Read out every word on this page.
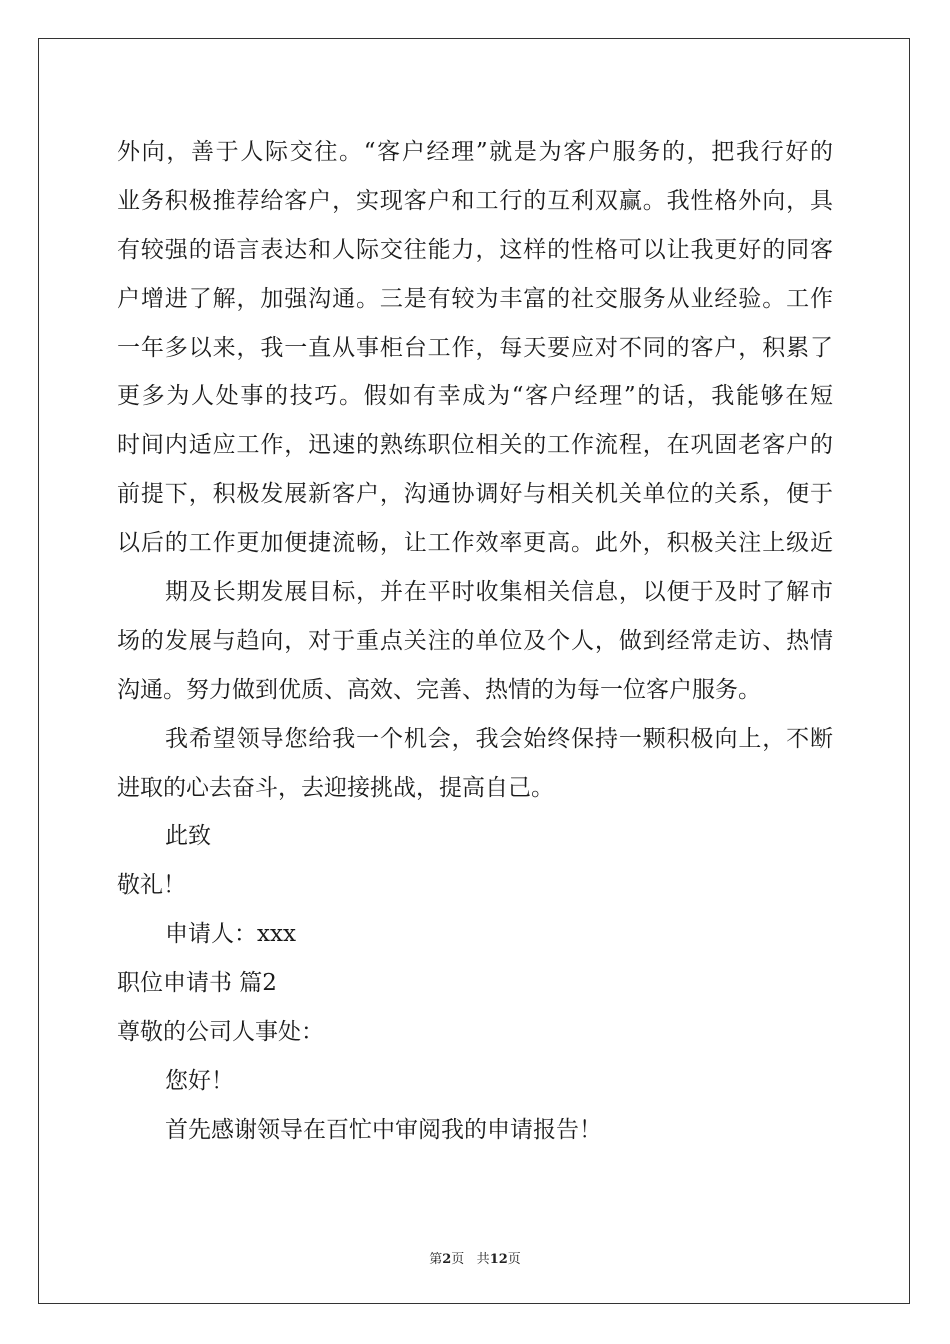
外向，善于人际交往。“客户经理”就是为客户服务的，把我行好的
业务积极推荐给客户，实现客户和工行的互利双赢。我性格外向，具
有较强的语言表达和人际交往能力，这样的性格可以让我更好的同客
户增进了解，加强沟通。三是有较为丰富的社交服务从业经验。工作
一年多以来，我一直从事柜台工作，每天要应对不同的客户，积累了
更多为人处事的技巧。假如有幸成为“客户经理”的话，我能够在短
时间内适应工作，迅速的熟练职位相关的工作流程，在巩固老客户的
前提下，积极发展新客户，沟通协调好与相关机关单位的关系，便于
以后的工作更加便捷流畅，让工作效率更高。此外，积极关注上级近
期及长期发展目标，并在平时收集相关信息，以便于及时了解市
场的发展与趋向，对于重点关注的单位及个人，做到经常走访、热情
沟通。努力做到优质、高效、完善、热情的为每一位客户服务。
我希望领导您给我一个机会，我会始终保持一颗积极向上，不断
进取的心去奋斗，去迎接挑战，提高自己。
此致
敬礼！
申请人：xxx
职位申请书 篇2
尊敬的公司人事处：
您好！
首先感谢领导在百忙中审阅我的申请报告！
第2页 共12页
